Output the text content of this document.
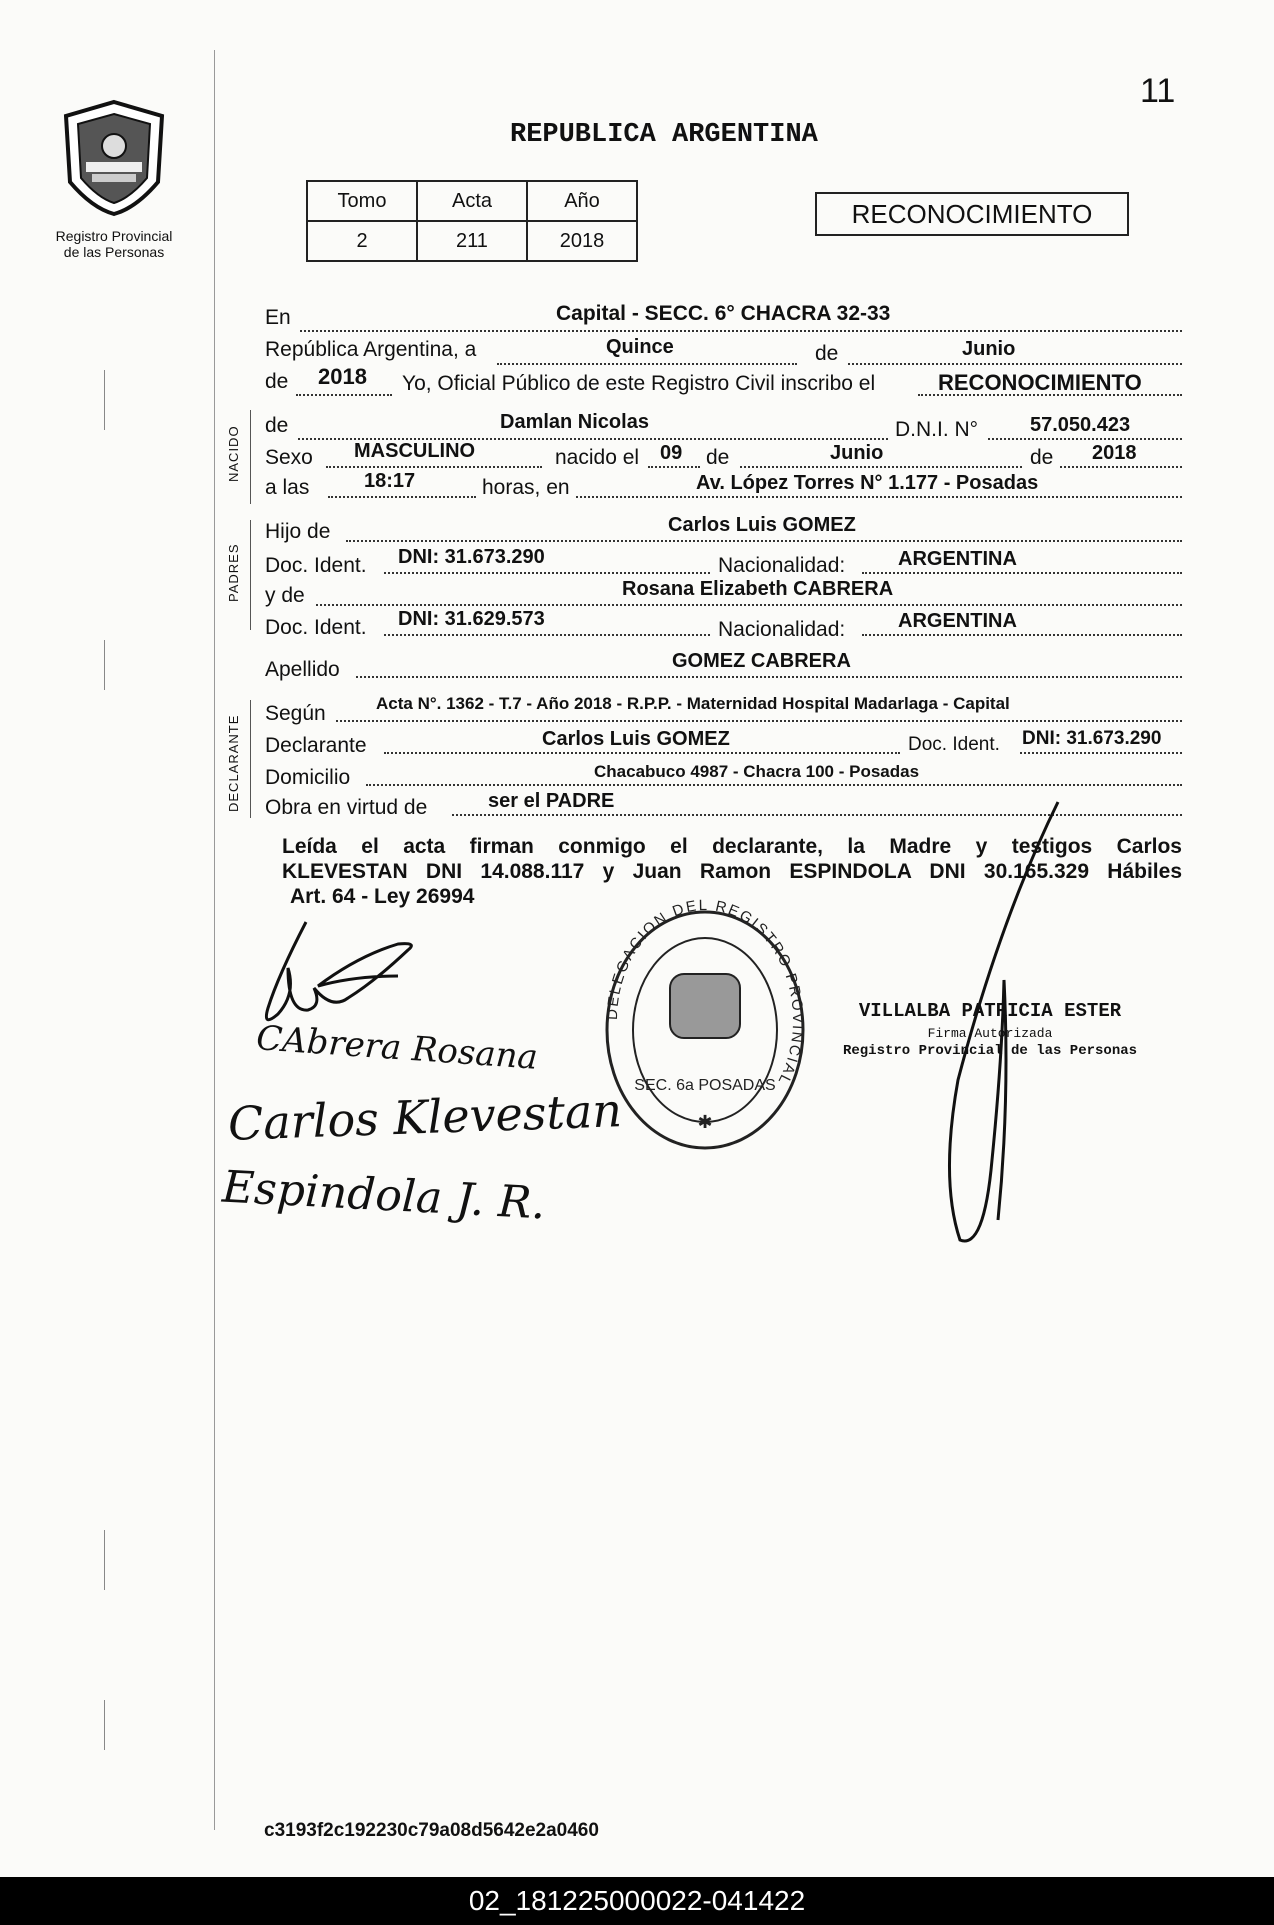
Registro Provincial
de las Personas
11
REPUBLICA ARGENTINA
Tomo	Acta	Año
2	211	2018
RECONOCIMIENTO
En	Capital - SECC. 6° CHACRA 32-33
República Argentina, a	Quince	de	Junio
de 2018 Yo, Oficial Público de este Registro Civil inscribo el	RECONOCIMIENTO
NACIDO de	Damlan Nicolas	D.N.I. N°	57.050.423
Sexo MASCULINO	nacido el 09 de	Junio	de 2018
a las	18:17	horas, en	Av. López Torres N° 1.177 - Posadas
PADRES
Hijo de	Carlos Luis GOMEZ
Doc. Ident. DNI: 31.673.290	Nacionalidad:	ARGENTINA
y de	Rosana Elizabeth CABRERA
Doc. Ident. DNI: 31.629.573	Nacionalidad:	ARGENTINA
Apellido	GOMEZ CABRERA
DECLARANTE
Según	Acta N°. 1362 - T.7 - Año 2018 - R.P.P. - Maternidad Hospital Madarlaga - Capital
Declarante	Carlos Luis GOMEZ	Doc. Ident. DNI: 31.673.290
Domicilio	Chacabuco 4987 - Chacra 100 - Posadas
Obra en virtud de	ser el PADRE
Leída el acta firman conmigo el declarante, la Madre y testigos Carlos
KLEVESTAN DNI 14.088.117 y Juan Ramon ESPINDOLA DNI 30.165.329 Hábiles
Art. 64 - Ley 26994
CAbrera Rosana
Carlos Klevestan
Espindola J. R.
DELEGACION DEL REGISTRO PROVINCIAL
SEC. 6a POSADAS
✱
VILLALBA PATRICIA ESTER
Firma Autorizada
Registro Provincial de las Personas
c3193f2c192230c79a08d5642e2a0460
02_181225000022-041422
